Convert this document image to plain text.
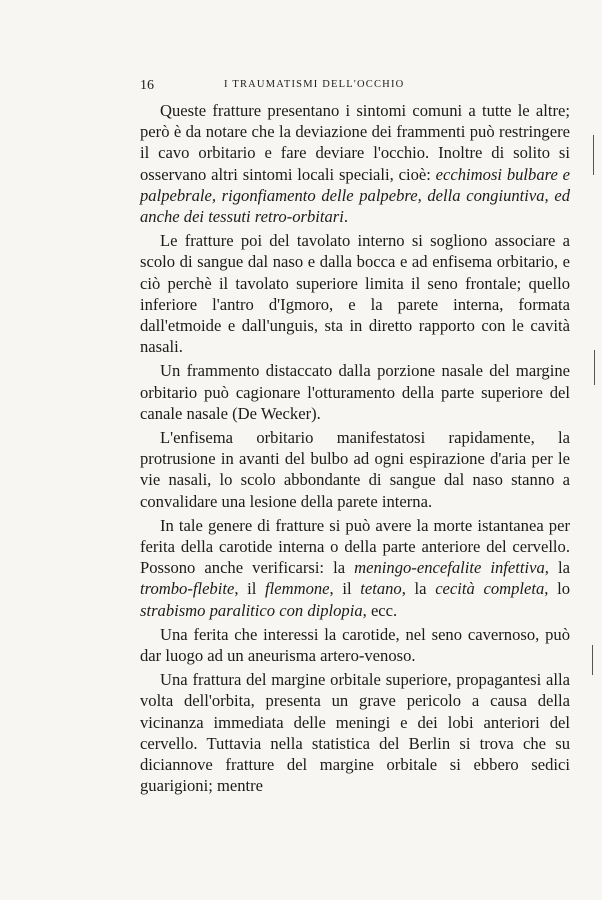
16	I TRAUMATISMI DELL'OCCHIO

Queste fratture presentano i sintomi comuni a tutte le altre; però è da notare che la deviazione dei frammenti può restringere il cavo orbitario e fare deviare l'occhio. Inoltre di solito si osservano altri sintomi locali speciali, cioè: ecchimosi bulbare e palpebrale, rigonfiamento delle palpebre, della congiuntiva, ed anche dei tessuti retro-orbitari.

Le fratture poi del tavolato interno si sogliono associare a scolo di sangue dal naso e dalla bocca e ad enfisema orbitario, e ciò perchè il tavolato superiore limita il seno frontale; quello inferiore l'antro d'Igmoro, e la parete interna, formata dall'etmoide e dall'unguis, sta in diretto rapporto con le cavità nasali.

Un frammento distaccato dalla porzione nasale del margine orbitario può cagionare l'otturamento della parte superiore del canale nasale (De Wecker).

L'enfisema orbitario manifestatosi rapidamente, la protrusione in avanti del bulbo ad ogni espirazione d'aria per le vie nasali, lo scolo abbondante di sangue dal naso stanno a convalidare una lesione della parete interna.

In tale genere di fratture si può avere la morte istantanea per ferita della carotide interna o della parte anteriore del cervello. Possono anche verificarsi: la meningo-encefalite infettiva, la trombo-flebite, il flemmone, il tetano, la cecità completa, lo strabismo paralitico con diplopia, ecc.

Una ferita che interessi la carotide, nel seno cavernoso, può dar luogo ad un aneurisma artero-venoso.

Una frattura del margine orbitale superiore, propagantesi alla volta dell'orbita, presenta un grave pericolo a causa della vicinanza immediata delle meningi e dei lobi anteriori del cervello. Tuttavia nella statistica del Berlin si trova che su diciannove fratture del margine orbitale si ebbero sedici guarigioni; mentre
